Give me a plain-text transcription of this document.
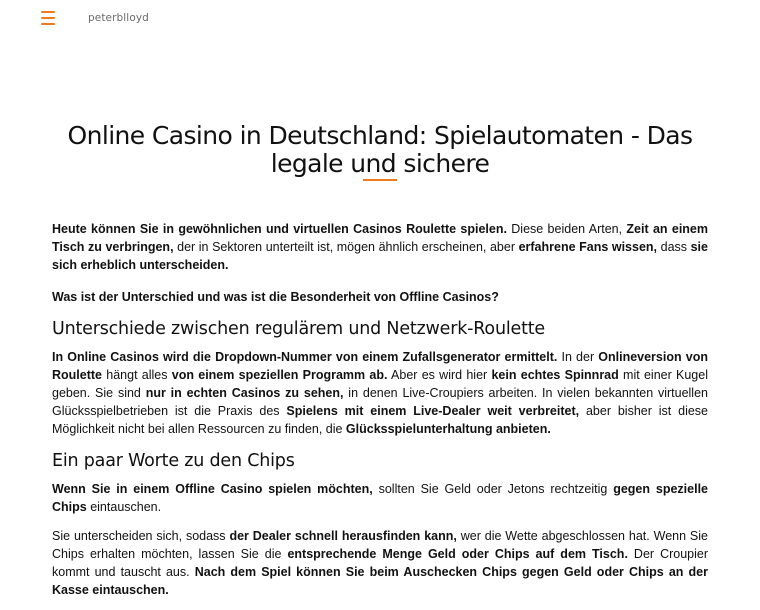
peterblloyd
Online Casino in Deutschland: Spielautomaten - Das legale und sichere

Heute können Sie in gewöhnlichen und virtuellen Casinos Roulette spielen. Diese beiden Arten, Zeit an einem Tisch zu verbringen, der in Sektoren unterteilt ist, mögen ähnlich erscheinen, aber erfahrene Fans wissen, dass sie sich erheblich unterscheiden.

Was ist der Unterschied und was ist die Besonderheit von Offline Casinos?

Unterschiede zwischen regulärem und Netzwerk-Roulette

In Online Casinos wird die Dropdown-Nummer von einem Zufallsgenerator ermittelt. In der Onlineversion von Roulette hängt alles von einem speziellen Programm ab. Aber es wird hier kein echtes Spinnrad mit einer Kugel geben. Sie sind nur in echten Casinos zu sehen, in denen Live-Croupiers arbeiten. In vielen bekannten virtuellen Glücksspielbetrieben ist die Praxis des Spielens mit einem Live-Dealer weit verbreitet, aber bisher ist diese Möglichkeit nicht bei allen Ressourcen zu finden, die Glücksspielunterhaltung anbieten.

Ein paar Worte zu den Chips

Wenn Sie in einem Offline Casino spielen möchten, sollten Sie Geld oder Jetons rechtzeitig gegen spezielle Chips eintauschen.

Sie unterscheiden sich, sodass der Dealer schnell herausfinden kann, wer die Wette abgeschlossen hat. Wenn Sie Chips erhalten möchten, lassen Sie die entsprechende Menge Geld oder Chips auf dem Tisch. Der Croupier kommt und tauscht aus. Nach dem Spiel können Sie beim Auschecken Chips gegen Geld oder Chips an der Kasse eintauschen.
